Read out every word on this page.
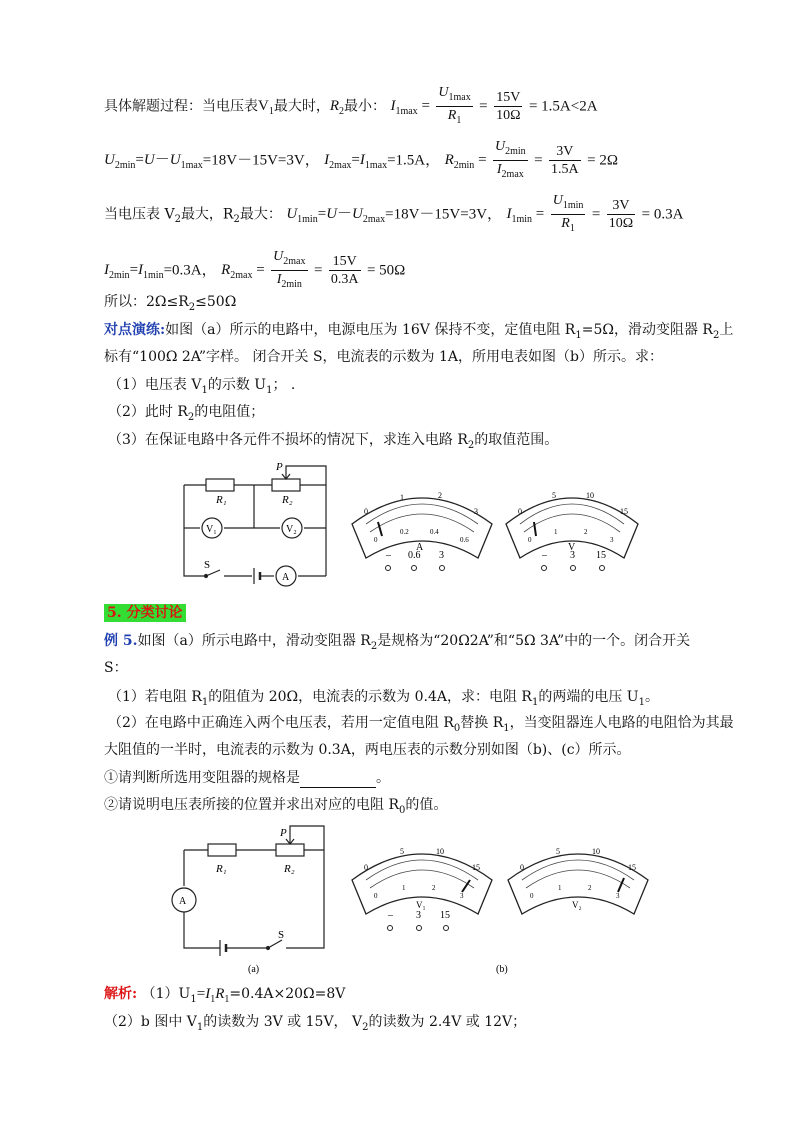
具体解题过程：当电压表$V_1$最大时，$R_2$最小： $I_{1max} = \frac{U_{1max}}{R_1} = \frac{15V}{10\Omega} = 1.5A<2A$
$U_{2min}=U-U_{1max}=18V-15V=3V$， $I_{2max}=I_{1max}=1.5A$， $R_{2min} = \frac{U_{2min}}{I_{2max}} = \frac{3V}{1.5A} = 2\Omega$
当电压表 $V_2$最大，$R_2$最大： $U_{1min}=U-U_{2max}=18V-15V=3V$， $I_{1min} = \frac{U_{1min}}{R_1} = \frac{3V}{10\Omega} = 0.3A$
$I_{2min}=I_{1min}=0.3A$， $R_{2max} = \frac{U_{2max}}{I_{2min}} = \frac{15V}{0.3A} = 50\Omega$
所以：$2\Omega\le R_2\le 50\Omega$
对点演练:如图（a）所示的电路中，电源电压为 16V 保持不变，定值电阻 $R_1=5\Omega$，滑动变阻器 $R_2$上
标有“100Ω 2A”字样。 闭合开关 S，电流表的示数为 1A，所用电表如图（b）所示。求：
（1）电压表 $V_1$的示数 $U_1$； .
（2）此时 $R_2$的电阻值；
（3）在保证电路中各元件不损坏的情况下，求连入电路 $R_2$的取值范围。
R₁	R₂
P
V₁	V₂
A
S
0
1	2
3
0
0.2	0.4
0.6
A
– 0.6 3
0
5	10
15
0
1	2
3
V
– 3 15
5. 分类讨论
例 5.如图（a）所示电路中，滑动变阻器 $R_2$是规格为“20Ω2A”和“5Ω 3A”中的一个。闭合开关
S：
（1）若电阻 $R_1$的阻值为 20Ω，电流表的示数为 0.4A，求：电阻 $R_1$的两端的电压 $U_1$。
（2）在电路中正确连入两个电压表，若用一定值电阻 $R_0$替换 $R_1$，当变阻器连人电路的电阻恰为其最
大阻值的一半时，电流表的示数为 0.3A，两电压表的示数分别如图（b)、(c）所示。
①请判断所选用变阻器的规格是	。
②请说明电压表所接的位置并求出对应的电阻 $R_0$的值。
R₁	R₂
P
A
S
(a)
0
5	10
15
0
1	2
3
V₁
– 3 15
0
5	10
15
0
1	2
3
V₂
(b)
解析: $(1)U_1=I_1R_1=0.4A\times 20\Omega=8V$
（2）b 图中 $V_1$的读数为 3V 或 15V， $V_2$的读数为 2.4V 或 12V；
